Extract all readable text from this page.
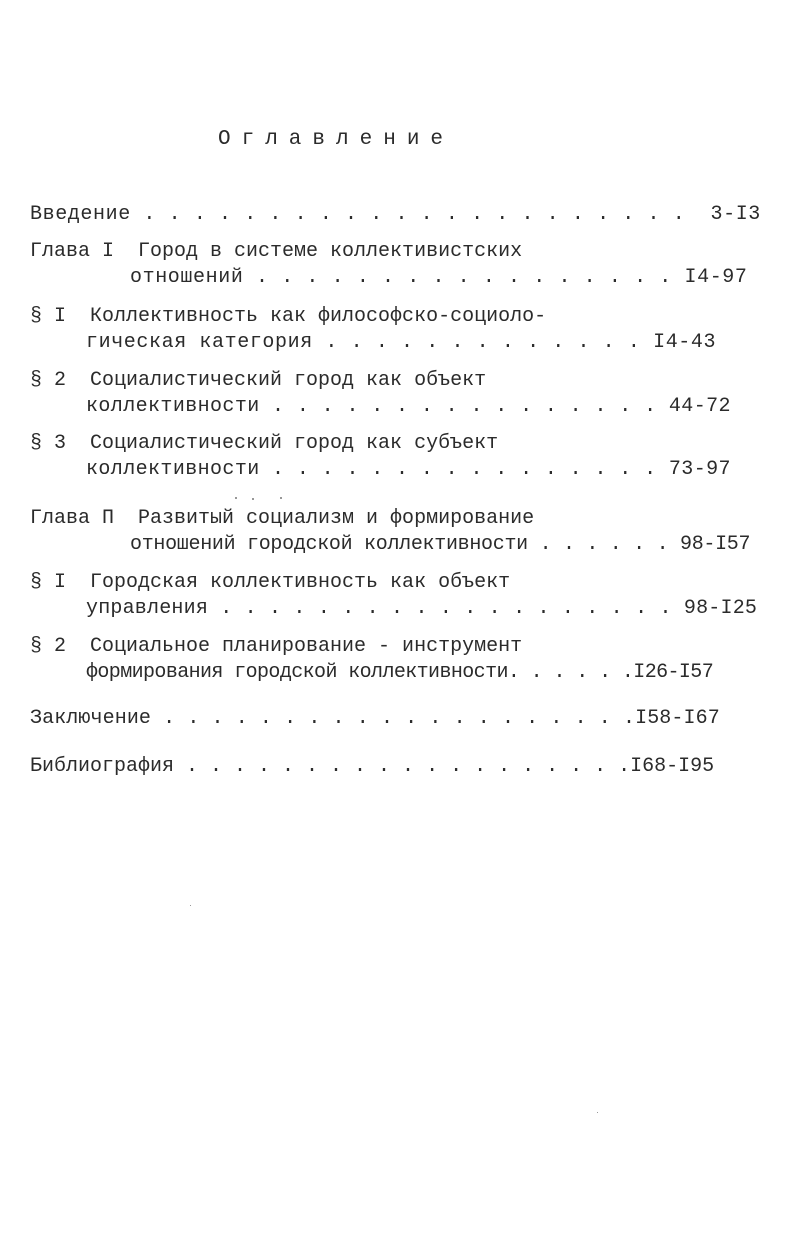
Оглавление
Введение . . . . . . . . . . . . . . . . . . . . . .  3-I3
Глава I  Город в системе коллективистских
отношений . . . . . . . . . . . . . . . . . I4-97
§ I  Коллективность как философско-социоло-
гическая категория . . . . . . . . . . . . . I4-43
§ 2  Социалистический город как объект
коллективности . . . . . . . . . . . . . . . . 44-72
§ 3  Социалистический город как субъект
коллективности . . . . . . . . . . . . . . . . 73-97
Глава П  Развитый социализм и формирование
отношений городской коллективности . . . . . . 98-I57
§ I  Городская коллективность как объект
управления . . . . . . . . . . . . . . . . . . . 98-I25
§ 2  Социальное планирование - инструмент
формирования городской коллективности. . . . . .I26-I57
Заключение . . . . . . . . . . . . . . . . . . . .I58-I67
Библиография . . . . . . . . . . . . . . . . . . .I68-I95
